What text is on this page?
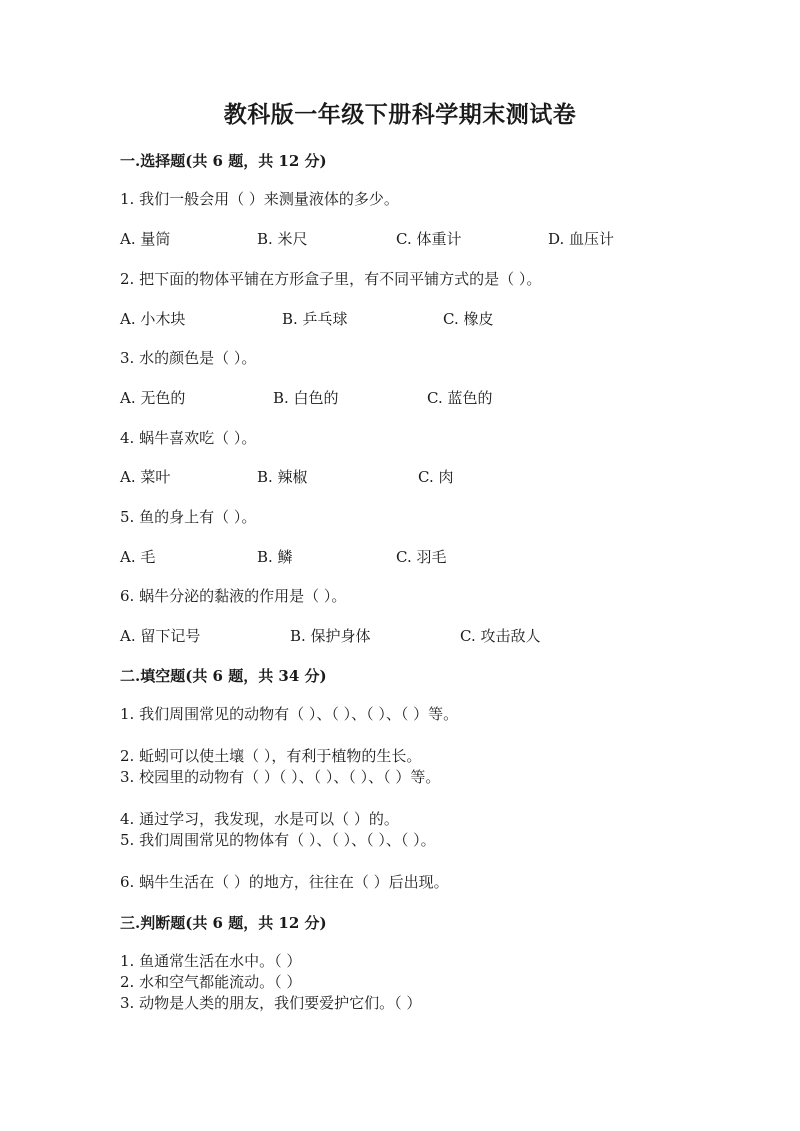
教科版一年级下册科学期末测试卷
一.选择题(共 6 题，共 12 分)
1. 我们一般会用（ ）来测量液体的多少。
A. 量筒	B. 米尺	C. 体重计	D. 血压计
2. 把下面的物体平铺在方形盒子里，有不同平铺方式的是（ ）。
A. 小木块	B. 乒乓球	C. 橡皮
3. 水的颜色是（ ）。
A. 无色的	B. 白色的	C. 蓝色的
4. 蜗牛喜欢吃（ ）。
A. 菜叶	B. 辣椒	C. 肉
5. 鱼的身上有（ ）。
A. 毛	B. 鳞	C. 羽毛
6. 蜗牛分泌的黏液的作用是（ ）。
A. 留下记号	B. 保护身体	C. 攻击敌人
二.填空题(共 6 题，共 34 分)
1. 我们周围常见的动物有（ ）、（ ）、（ ）、（ ）等。
2. 蚯蚓可以使土壤（ ），有利于植物的生长。
3. 校园里的动物有（ ）（ ）、（ ）、（ ）、（ ）等。
4. 通过学习，我发现，水是可以（ ）的。
5. 我们周围常见的物体有（ ）、（ ）、（ ）、（ ）。
6. 蜗牛生活在（ ）的地方，往往在（ ）后出现。
三.判断题(共 6 题，共 12 分)
1. 鱼通常生活在水中。（ ）
2. 水和空气都能流动。（ ）
3. 动物是人类的朋友，我们要爱护它们。（ ）
